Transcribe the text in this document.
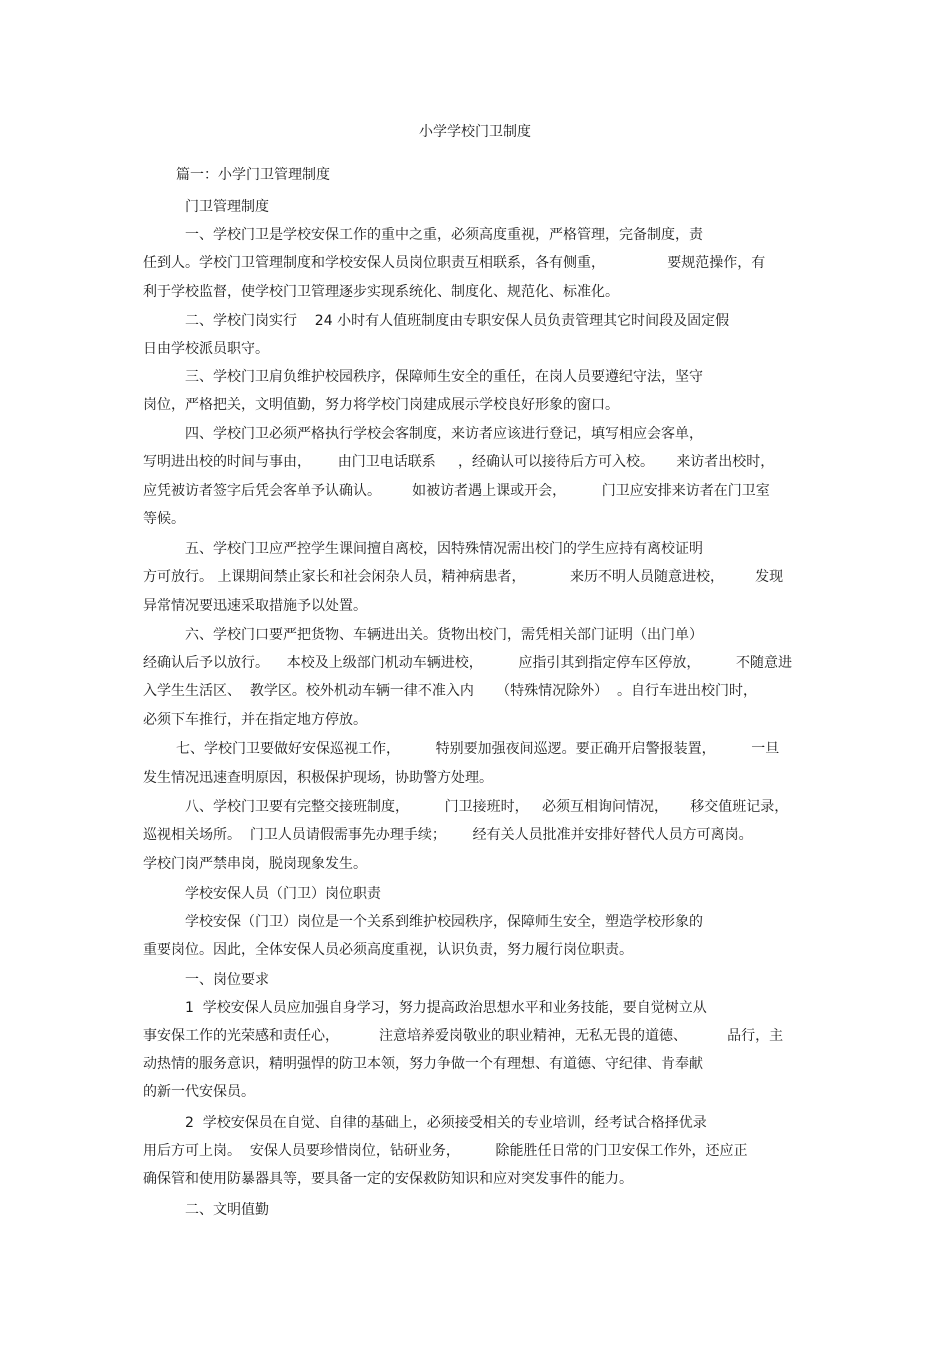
小学学校门卫制度
篇一：小学门卫管理制度
门卫管理制度
一、学校门卫是学校安保工作的重中之重，必须高度重视，严格管理，完备制度，责
任到人。学校门卫管理制度和学校安保人员岗位职责互相联系，各有侧重，              要规范操作，有
利于学校监督，使学校门卫管理逐步实现系统化、制度化、规范化、标准化。
二、学校门岗实行    24 小时有人值班制度由专职安保人员负责管理其它时间段及固定假
日由学校派员职守。
三、学校门卫肩负维护校园秩序，保障师生安全的重任，在岗人员要遵纪守法，坚守
岗位，严格把关，文明值勤，努力将学校门岗建成展示学校良好形象的窗口。
四、学校门卫必须严格执行学校会客制度，来访者应该进行登记，填写相应会客单，
写明进出校的时间与事由，      由门卫电话联系     ，经确认可以接待后方可入校。     来访者出校时，
应凭被访者签字后凭会客单予认确认。       如被访者遇上课或开会，        门卫应安排来访者在门卫室
等候。
五、学校门卫应严控学生课间擅自离校，因特殊情况需出校门的学生应持有离校证明
方可放行。 上课期间禁止家长和社会闲杂人员，精神病患者，          来历不明人员随意进校，       发现
异常情况要迅速采取措施予以处置。
六、学校门口要严把货物、车辆进出关。货物出校门，需凭相关部门证明（出门单）
经确认后予以放行。    本校及上级部门机动车辆进校，        应指引其到指定停车区停放，        不随意进
入学生生活区、  教学区。校外机动车辆一律不准入内     （特殊情况除外）  。自行车进出校门时，
必须下车推行，并在指定地方停放。
七、学校门卫要做好安保巡视工作，        特别要加强夜间巡逻。要正确开启警报装置，        一旦
发生情况迅速查明原因，积极保护现场，协助警方处理。
八、学校门卫要有完整交接班制度，        门卫接班时，   必须互相询问情况，     移交值班记录，
巡视相关场所。  门卫人员请假需事先办理手续；      经有关人员批准并安排好替代人员方可离岗。
学校门岗严禁串岗，脱岗现象发生。
学校安保人员（门卫）岗位职责
学校安保（门卫）岗位是一个关系到维护校园秩序，保障师生安全，塑造学校形象的
重要岗位。因此，全体安保人员必须高度重视，认识负责，努力履行岗位职责。
一、岗位要求
1  学校安保人员应加强自身学习，努力提高政治思想水平和业务技能，要自觉树立从
事安保工作的光荣感和责任心，         注意培养爱岗敬业的职业精神，无私无畏的道德、         品行，主
动热情的服务意识，精明强悍的防卫本领，努力争做一个有理想、有道德、守纪律、肯奉献
的新一代安保员。
2  学校安保员在自觉、自律的基础上，必须接受相关的专业培训，经考试合格择优录
用后方可上岗。  安保人员要珍惜岗位，钻研业务，        除能胜任日常的门卫安保工作外，还应正
确保管和使用防暴器具等，要具备一定的安保救防知识和应对突发事件的能力。
二、文明值勤
